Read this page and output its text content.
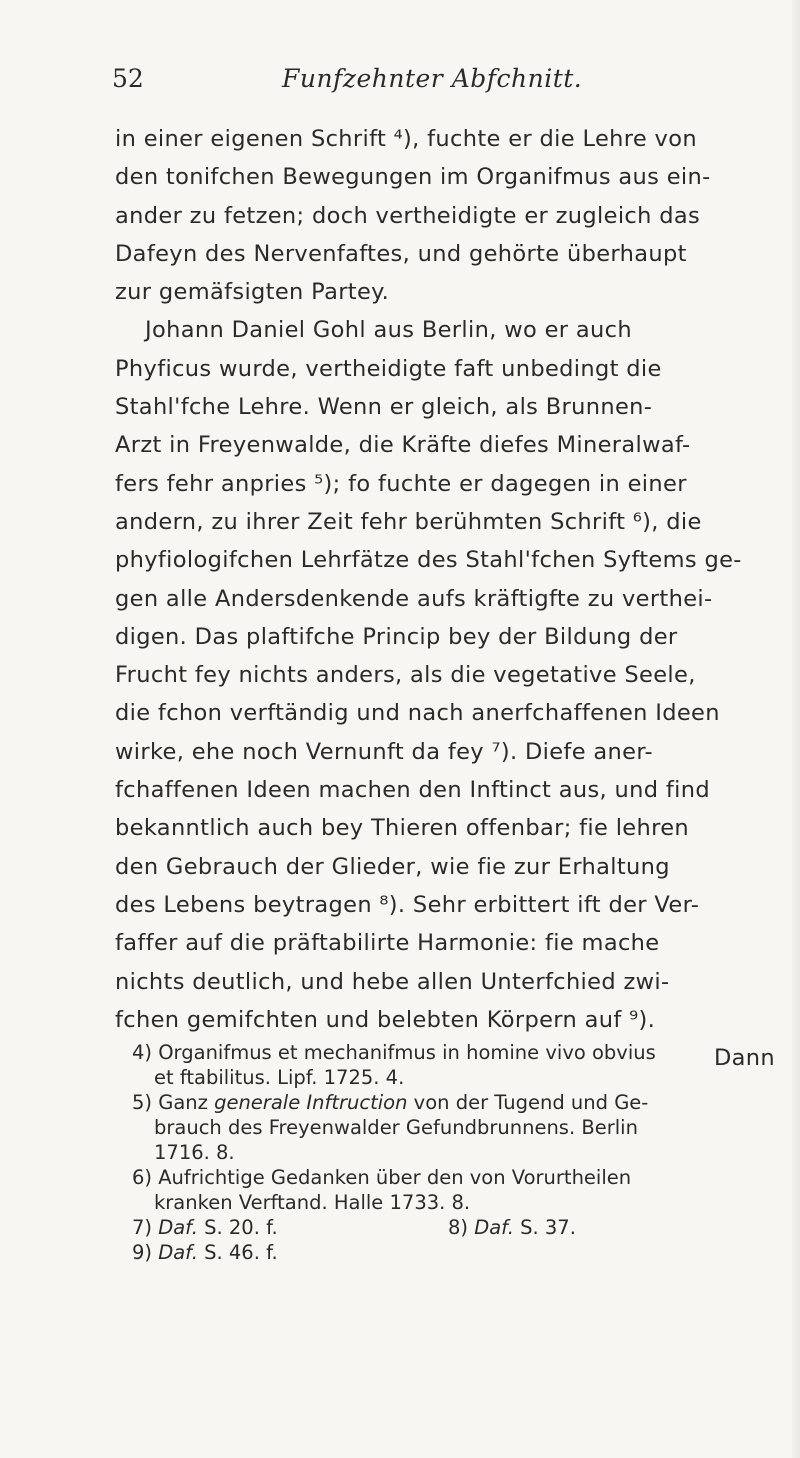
52	Funfzehnter Abfchnitt.
in einer eigenen Schrift ⁴), fuchte er die Lehre von
den tonifchen Bewegungen im Organifmus aus ein-
ander zu fetzen; doch vertheidigte er zugleich das
Dafeyn des Nervenfaftes, und gehörte überhaupt
zur gemäfsigten Partey.
Johann Daniel Gohl aus Berlin, wo er auch
Phyficus wurde, vertheidigte faft unbedingt die
Stahl'fche Lehre. Wenn er gleich, als Brunnen-
Arzt in Freyenwalde, die Kräfte diefes Mineralwaf-
fers fehr anpries ⁵); fo fuchte er dagegen in einer
andern, zu ihrer Zeit fehr berühmten Schrift ⁶), die
phyfiologifchen Lehrfätze des Stahl'fchen Syftems ge-
gen alle Andersdenkende aufs kräftigfte zu verthei-
digen. Das plaftifche Princip bey der Bildung der
Frucht fey nichts anders, als die vegetative Seele,
die fchon verftändig und nach anerfchaffenen Ideen
wirke, ehe noch Vernunft da fey ⁷). Diefe aner-
fchaffenen Ideen machen den Inftinct aus, und find
bekanntlich auch bey Thieren offenbar; fie lehren
den Gebrauch der Glieder, wie fie zur Erhaltung
des Lebens beytragen ⁸). Sehr erbittert ift der Ver-
faffer auf die präftabilirte Harmonie: fie mache
nichts deutlich, und hebe allen Unterfchied zwi-
fchen gemifchten und belebten Körpern auf ⁹).
Dann
4) Organifmus et mechanifmus in homine vivo obvius
et ftabilitus. Lipf. 1725. 4.
5) Ganz generale Inftruction von der Tugend und Ge-
brauch des Freyenwalder Gefundbrunnens. Berlin
1716. 8.
6) Aufrichtige Gedanken über den von Vorurtheilen
kranken Verftand. Halle 1733. 8.
7) Daf. S. 20. f.	8) Daf. S. 37.
9) Daf. S. 46. f.
